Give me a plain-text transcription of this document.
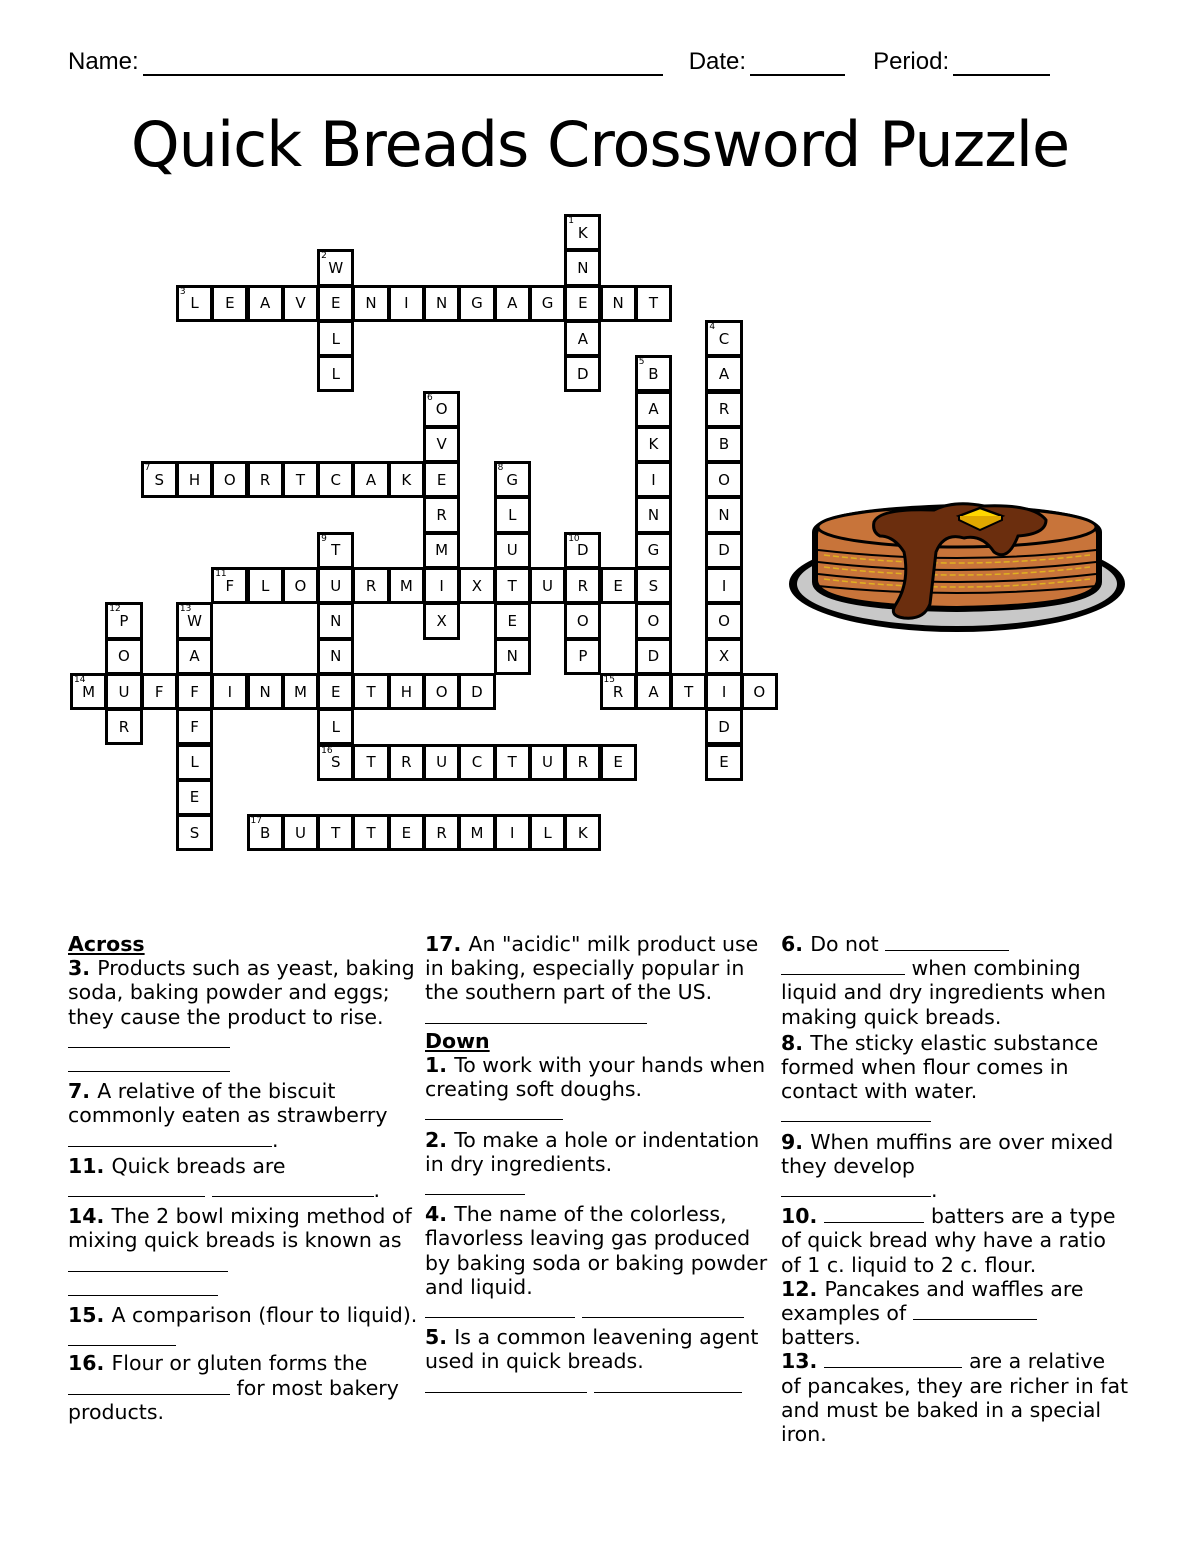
Name:	Date:	Period:
Quick Breads Crossword Puzzle
1
K
N
E
A
D
2
W
E
L
L
3
L E A V	N I N G A G	N T
4
C
A
R
B
O
N
D
I
O
X
I
D
E
5
B
A
K
I
N
G
S
O
D
A
6
O
V
E
R
M
I
X
7
S H O R T C A K
8
G
L
U
T
E
N
9
T
U
N
N
E
L
16
S
10
D
R
O
P
11
F L O	R M	X	U	E
12
P
O
U
R
13
W
A
F
F
L
E
S
14
M	F	I N M	T H O D
15
R	T	O
T R U C T U R E
17
B U T T E R M I L K
Across
3. Products such as yeast, baking soda, baking powder and eggs; they cause the product to rise.

7. A relative of the biscuit commonly eaten as strawberry
.
11. Quick breads are
.
14. The 2 bowl mixing method of mixing quick breads is known as

15. A comparison (flour to liquid).
16. Flour or gluten forms the
for most bakery products.
17. An "acidic" milk product use in baking, especially popular in the southern part of the US.
Down
1. To work with your hands when creating soft doughs.

2. To make a hole or indentation in dry ingredients.

4. The name of the colorless, flavorless leaving gas produced by baking soda or baking powder and liquid.

5. Is a common leavening agent used in quick breads.

6. Do not
when combining liquid and dry ingredients when making quick breads.
8. The sticky elastic substance formed when flour comes in contact with water.

9. When muffins are over mixed they develop
.
10.	batters are a type of quick bread why have a ratio of 1 c. liquid to 2 c. flour.
12. Pancakes and waffles are examples of
batters.
13.	are a relative of pancakes, they are richer in fat and must be baked in a special iron.
